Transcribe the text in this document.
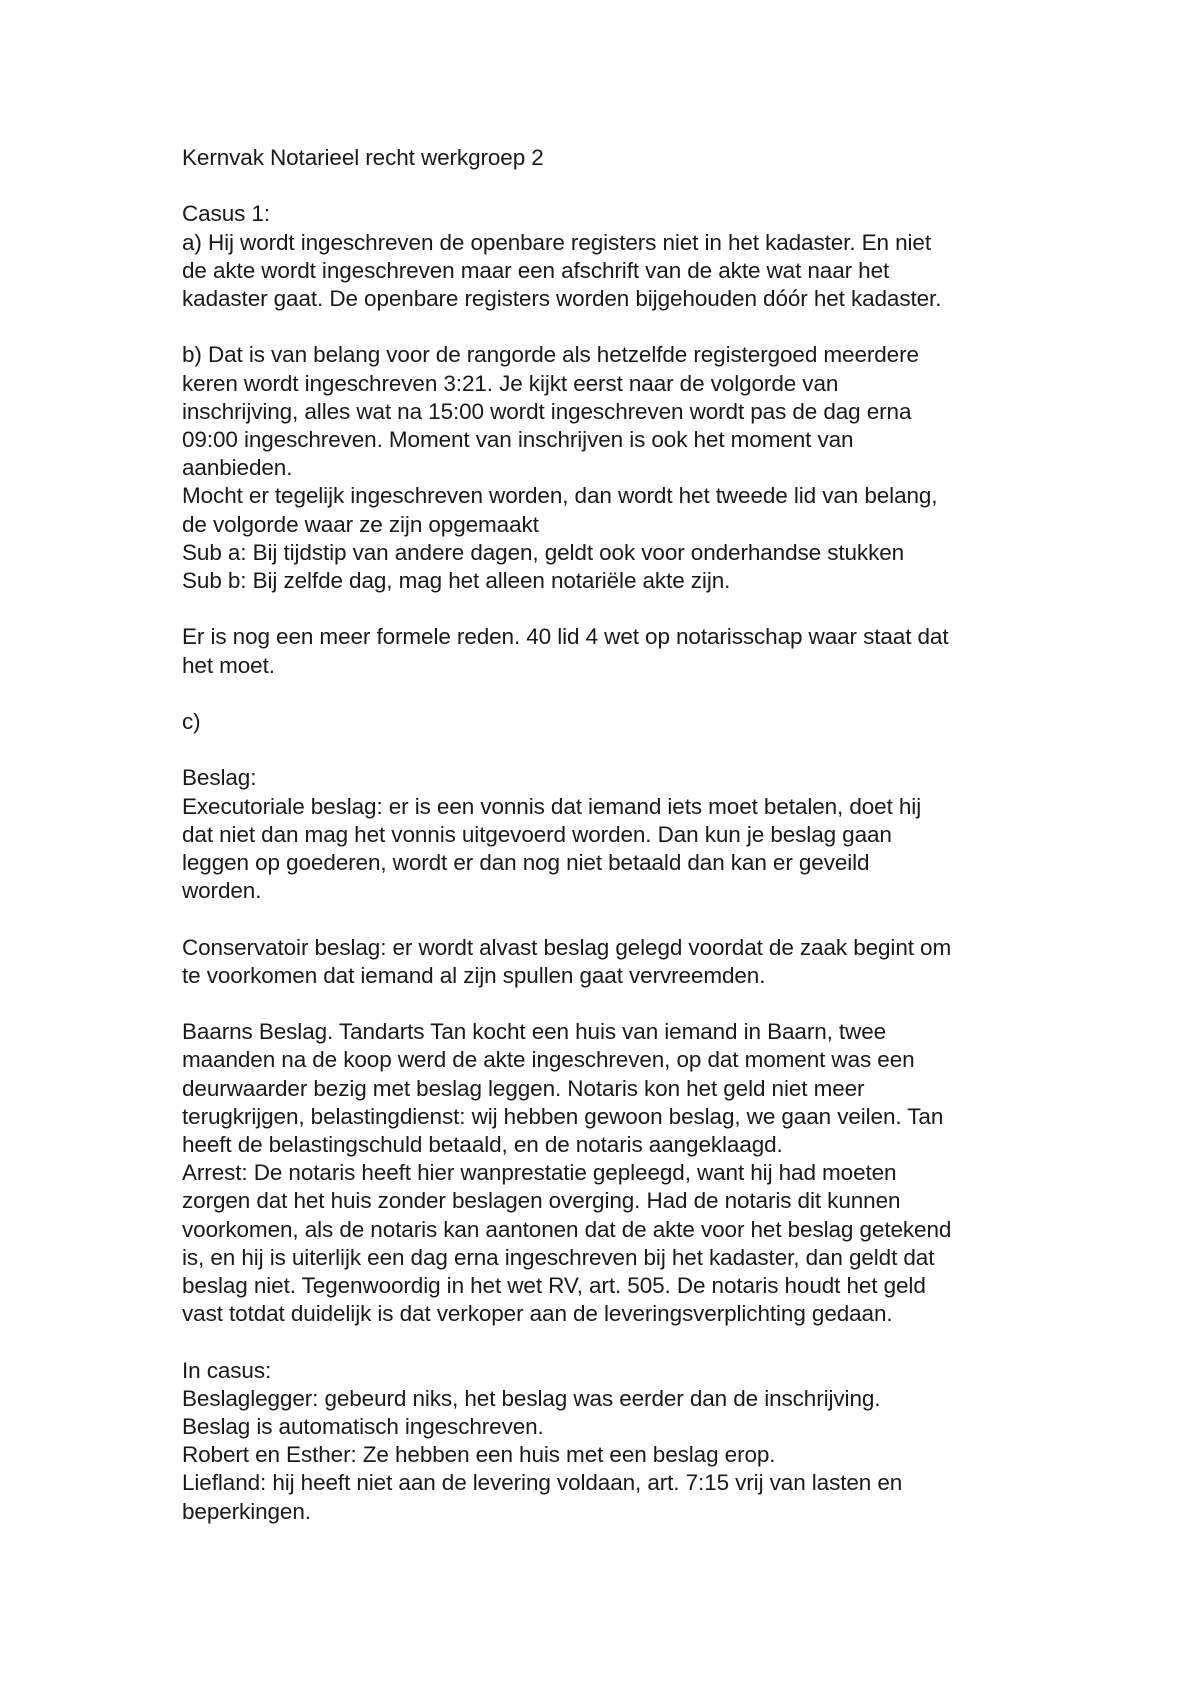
Kernvak Notarieel recht werkgroep 2
Casus 1:
a) Hij wordt ingeschreven de openbare registers niet in het kadaster. En niet
de akte wordt ingeschreven maar een afschrift van de akte wat naar het
kadaster gaat. De openbare registers worden bijgehouden dóór het kadaster.
b) Dat is van belang voor de rangorde als hetzelfde registergoed meerdere
keren wordt ingeschreven 3:21. Je kijkt eerst naar de volgorde van
inschrijving, alles wat na 15:00 wordt ingeschreven wordt pas de dag erna
09:00 ingeschreven. Moment van inschrijven is ook het moment van
aanbieden.
Mocht er tegelijk ingeschreven worden, dan wordt het tweede lid van belang,
de volgorde waar ze zijn opgemaakt
Sub a: Bij tijdstip van andere dagen, geldt ook voor onderhandse stukken
Sub b: Bij zelfde dag, mag het alleen notariële akte zijn.
Er is nog een meer formele reden. 40 lid 4 wet op notarisschap waar staat dat
het moet.
c)
Beslag:
Executoriale beslag: er is een vonnis dat iemand iets moet betalen, doet hij
dat niet dan mag het vonnis uitgevoerd worden. Dan kun je beslag gaan
leggen op goederen, wordt er dan nog niet betaald dan kan er geveild
worden.
Conservatoir beslag: er wordt alvast beslag gelegd voordat de zaak begint om
te voorkomen dat iemand al zijn spullen gaat vervreemden.
Baarns Beslag. Tandarts Tan kocht een huis van iemand in Baarn, twee
maanden na de koop werd de akte ingeschreven, op dat moment was een
deurwaarder bezig met beslag leggen. Notaris kon het geld niet meer
terugkrijgen, belastingdienst: wij hebben gewoon beslag, we gaan veilen. Tan
heeft de belastingschuld betaald, en de notaris aangeklaagd.
Arrest: De notaris heeft hier wanprestatie gepleegd, want hij had moeten
zorgen dat het huis zonder beslagen overging. Had de notaris dit kunnen
voorkomen, als de notaris kan aantonen dat de akte voor het beslag getekend
is, en hij is uiterlijk een dag erna ingeschreven bij het kadaster, dan geldt dat
beslag niet. Tegenwoordig in het wet RV, art. 505. De notaris houdt het geld
vast totdat duidelijk is dat verkoper aan de leveringsverplichting gedaan.
In casus:
Beslaglegger: gebeurd niks, het beslag was eerder dan de inschrijving.
Beslag is automatisch ingeschreven.
Robert en Esther: Ze hebben een huis met een beslag erop.
Liefland: hij heeft niet aan de levering voldaan, art. 7:15 vrij van lasten en
beperkingen.
